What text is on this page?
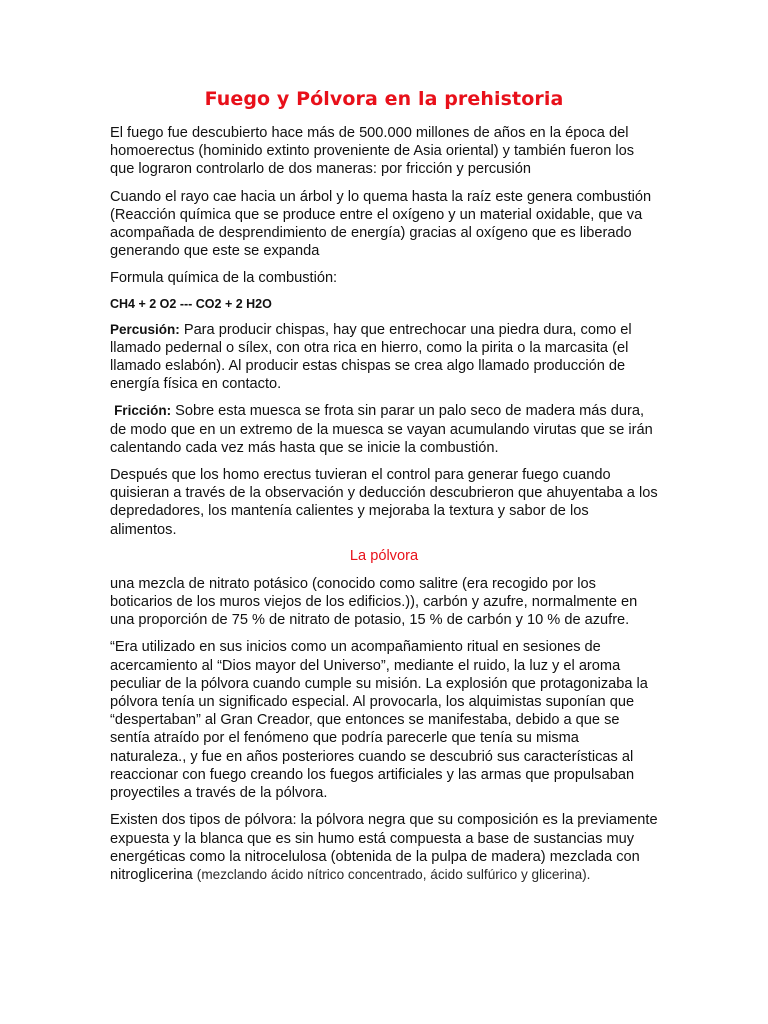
Fuego y Pólvora en la prehistoria

El fuego fue descubierto hace más de 500.000 millones de años en la época del homoerectus (hominido extinto proveniente de Asia oriental) y también fueron los que lograron controlarlo de dos maneras: por fricción y percusión

Cuando el rayo cae hacia un árbol y lo quema hasta la raíz este genera combustión (Reacción química que se produce entre el oxígeno y un material oxidable, que va acompañada de desprendimiento de energía) gracias al oxígeno que es liberado generando que este se expanda

Formula química de la combustión:

CH4 + 2 O2 --- CO2 + 2 H2O

Percusión: Para producir chispas, hay que entrechocar una piedra dura, como el llamado pedernal o sílex, con otra rica en hierro, como la pirita o la marcasita (el llamado eslabón). Al producir estas chispas se crea algo llamado producción de energía física en contacto.

Fricción: Sobre esta muesca se frota sin parar un palo seco de madera más dura, de modo que en un extremo de la muesca se vayan acumulando virutas que se irán calentando cada vez más hasta que se inicie la combustión.

Después que los homo erectus tuvieran el control para generar fuego cuando quisieran a través de la observación y deducción descubrieron que ahuyentaba a los depredadores, los mantenía calientes y mejoraba la textura y sabor de los alimentos.

La pólvora

una mezcla de nitrato potásico (conocido como salitre (era recogido por los boticarios de los muros viejos de los edificios.)), carbón y azufre, normalmente en una proporción de 75 % de nitrato de potasio, 15 % de carbón y 10 % de azufre.

“Era utilizado en sus inicios como un acompañamiento ritual en sesiones de acercamiento al “Dios mayor del Universo”, mediante el ruido, la luz y el aroma peculiar de la pólvora cuando cumple su misión. La explosión que protagonizaba la pólvora tenía un significado especial. Al provocarla, los alquimistas suponían que “despertaban” al Gran Creador, que entonces se manifestaba, debido a que se sentía atraído por el fenómeno que podría parecerle que tenía su misma naturaleza., y fue en años posteriores cuando se descubrió sus características al reaccionar con fuego creando los fuegos artificiales y las armas que propulsaban proyectiles a través de la pólvora.

Existen dos tipos de pólvora: la pólvora negra que su composición es la previamente expuesta y la blanca que es sin humo está compuesta a base de sustancias muy energéticas como la nitrocelulosa (obtenida de la pulpa de madera) mezclada con nitroglicerina (mezclando ácido nítrico concentrado, ácido sulfúrico y glicerina).
